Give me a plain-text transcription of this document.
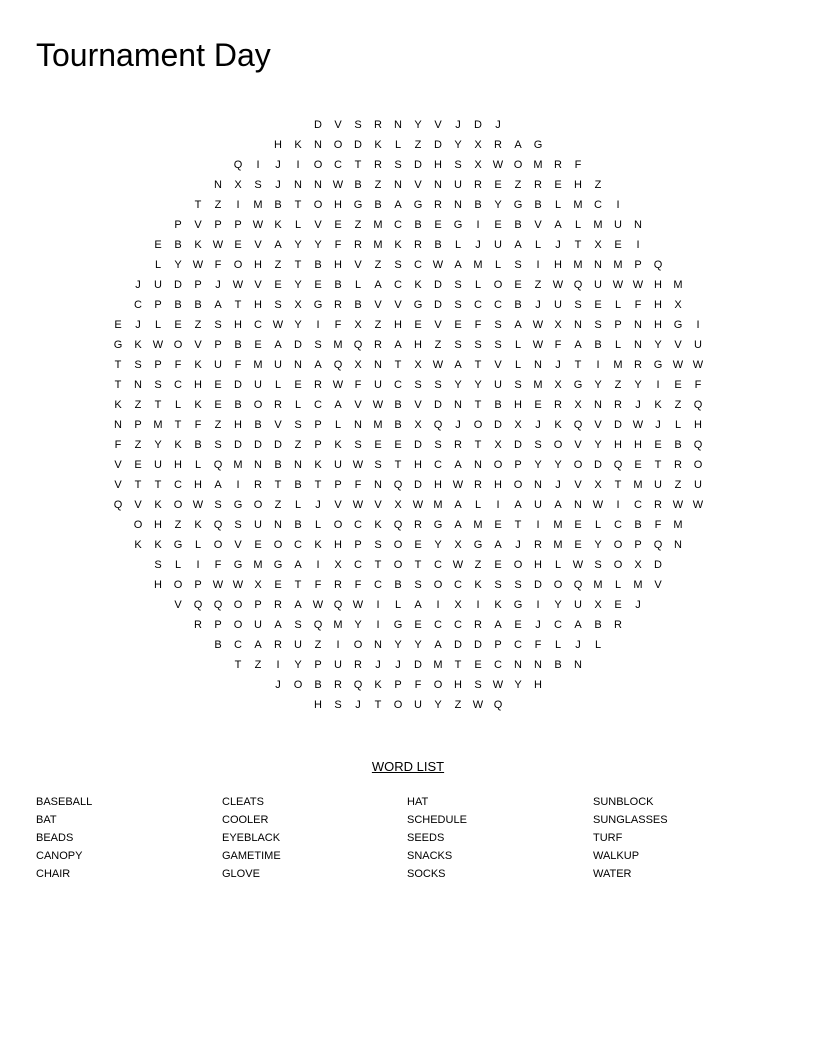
Tournament Day
D	V	S	R	N	Y	V	J	D	J
H	K	N	O	D	K	L	Z	D	Y	X	R	A	G
Q	I	J	I	O	C	T	R	S	D	H	S	X	W O	M	R	F
N	X	S	J	N	N W	B	Z	N	V	N	U	R	E	Z	R	E	H	Z
T	Z	I	M	B	T	O	H	G	B	A	G	R	N	B	Y	G	B	L	M	C	I
P	V	P	P	W	K	L	V	E	Z	M	C	B	E	G	I	E	B	V	A	L	M	U	N
E	B	K	W	E	V	A	Y	Y	F	R	M	K	R	B	L	J	U	A	L	J	T	X	E	I
L	Y	W	F	O	H	Z	T	B	H	V	Z	S	C W	A	M	L	S	I	H	M	N	M	P	Q
J	U	D	P	J	W	V	E	Y	E	B	L	A	C	K	D	S	L	O	E	Z	W Q	U W W H	M
C	P	B	B	A	T	H	S	X	G	R	B	V	V	G	D	S	C	C	B	J	U	S	E	L	F	H	X
E	J	L	E	Z	S	H	C W	Y	I	F	X	Z	H	E	V	E	F	S	A	W	X	N	S	P	N	H	G	I
G	K	W O	V	P	B	E	A	D	S	M	Q	R	A	H	Z	S	S	S	L	W	F	A	B	L	N	Y	V	U
T	S	P	F	K	U	F	M	U	N	A	Q	X	N	T	X	W	A	T	V	L	N	J	T	I	M	R	G W W
T	N	S	C	H	E	D	U	L	E	R W	F	U	C	S	S	Y	Y	U	S	M	X	G	Y	Z	Y	I	E	F
K	Z	T	L	K	E	B	O	R	L	C	A	V	W	B	V	D	N	T	B	H	E	R	X	N	R	J	K	Z	Q
N	P	M	T	F	Z	H	B	V	S	P	L	N	M	B	X	Q	J	O	D	X	J	K	Q	V	D W	J	L	H
F	Z	Y	K	B	S	D	D	D	Z	P	K	S	E	E	D	S	R	T	X	D	S	O	V	Y	H	H	E	B	Q
V	E	U	H	L	Q	M	N	B	N	K	U W	S	T	H	C	A	N	O	P	Y	Y	O	D	Q	E	T	R	O
V	T	T	C	H	A	I	R	T	B	T	P	F	N	Q	D	H W R	H	O	N	J	V	X	T	M	U	Z	U
Q	V	K	O W	S	G	O	Z	L	J	V	W	V	X	W M	A	L	I	A	U	A	N W	I	C	R W W
O	H	Z	K	Q	S	U	N	B	L	O	C	K	Q	R	G	A	M	E	T	I	M	E	L	C	B	F	M
K	K	G	L	O	V	E	O	C	K	H	P	S	O	E	Y	X	G	A	J	R	M	E	Y	O	P	Q	N
S	L	I	F	G	M	G	A	I	X	C	T	O	T	C W	Z	E	O	H	L	W	S	O	X	D
H	O	P	W W	X	E	T	F	R	F	C	B	S	O	C	K	S	S	D	O	Q	M	L	M	V
V	Q	Q	O	P	R	A	W Q W	I	L	A	I	X	I	K	G	I	Y	U	X	E	J
R	P	O	U	A	S	Q	M	Y	I	G	E	C	C	R	A	E	J	C	A	B	R
B	C	A	R	U	Z	I	O	N	Y	Y	A	D	D	P	C	F	L	J	L
T	Z	I	Y	P	U	R	J	J	D	M	T	E	C	N	N	B	N
J	O	B	R	Q	K	P	F	O	H	S	W	Y	H
H	S	J	T	O	U	Y	Z	W Q
WORD LIST
BASEBALL
BAT
BEADS
CANOPY
CHAIR
CLEATS
COOLER
EYEBLACK
GAMETIME
GLOVE
HAT
SCHEDULE
SEEDS
SNACKS
SOCKS
SUNBLOCK
SUNGLASSES
TURF
WALKUP
WATER
